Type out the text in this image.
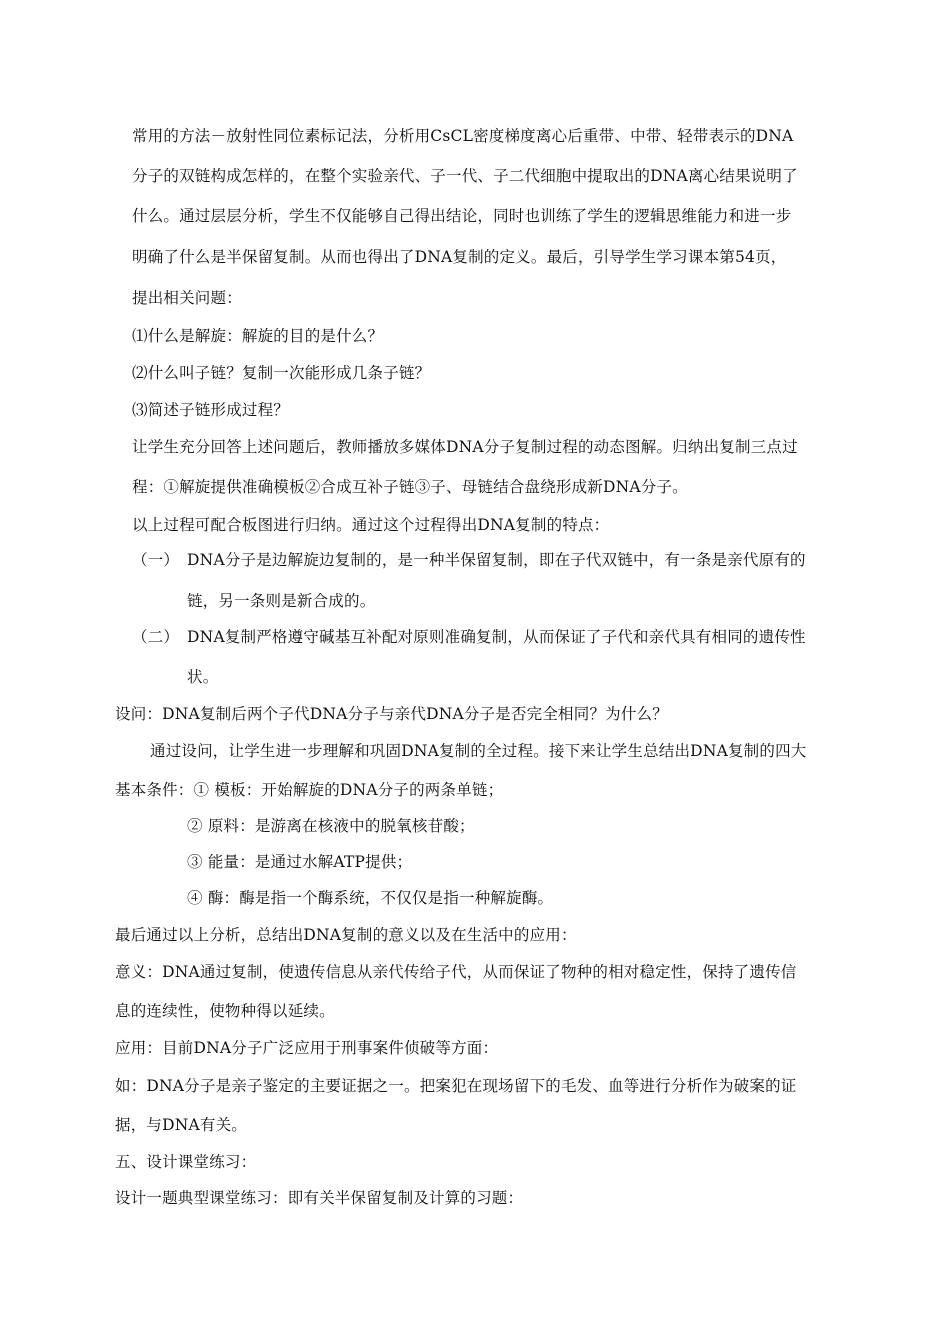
常用的方法－放射性同位素标记法，分析用CsCL密度梯度离心后重带、中带、轻带表示的DNA
分子的双链构成怎样的，在整个实验亲代、子一代、子二代细胞中提取出的DNA离心结果说明了
什么。通过层层分析，学生不仅能够自己得出结论，同时也训练了学生的逻辑思维能力和进一步
明确了什么是半保留复制。从而也得出了DNA复制的定义。最后，引导学生学习课本第54页，
提出相关问题：
⑴什么是解旋：解旋的目的是什么？
⑵什么叫子链？复制一次能形成几条子链？
⑶简述子链形成过程？
让学生充分回答上述问题后，教师播放多媒体DNA分子复制过程的动态图解。归纳出复制三点过
程：①解旋提供准确模板②合成互补子链③子、母链结合盘绕形成新DNA分子。
以上过程可配合板图进行归纳。通过这个过程得出DNA复制的特点：
（一）　DNA分子是边解旋边复制的，是一种半保留复制，即在子代双链中，有一条是亲代原有的
链，另一条则是新合成的。
（二）　DNA复制严格遵守碱基互补配对原则准确复制，从而保证了子代和亲代具有相同的遗传性
状。
设问：DNA复制后两个子代DNA分子与亲代DNA分子是否完全相同？为什么？
通过设问，让学生进一步理解和巩固DNA复制的全过程。接下来让学生总结出DNA复制的四大
基本条件：① 模板：开始解旋的DNA分子的两条单链；
② 原料：是游离在核液中的脱氧核苷酸；
③ 能量：是通过水解ATP提供；
④ 酶：酶是指一个酶系统，不仅仅是指一种解旋酶。
最后通过以上分析，总结出DNA复制的意义以及在生活中的应用：
意义：DNA通过复制，使遗传信息从亲代传给子代，从而保证了物种的相对稳定性，保持了遗传信
息的连续性，使物种得以延续。
应用：目前DNA分子广泛应用于刑事案件侦破等方面：
如：DNA分子是亲子鉴定的主要证据之一。把案犯在现场留下的毛发、血等进行分析作为破案的证
据，与DNA有关。
五、设计课堂练习：
设计一题典型课堂练习：即有关半保留复制及计算的习题：
